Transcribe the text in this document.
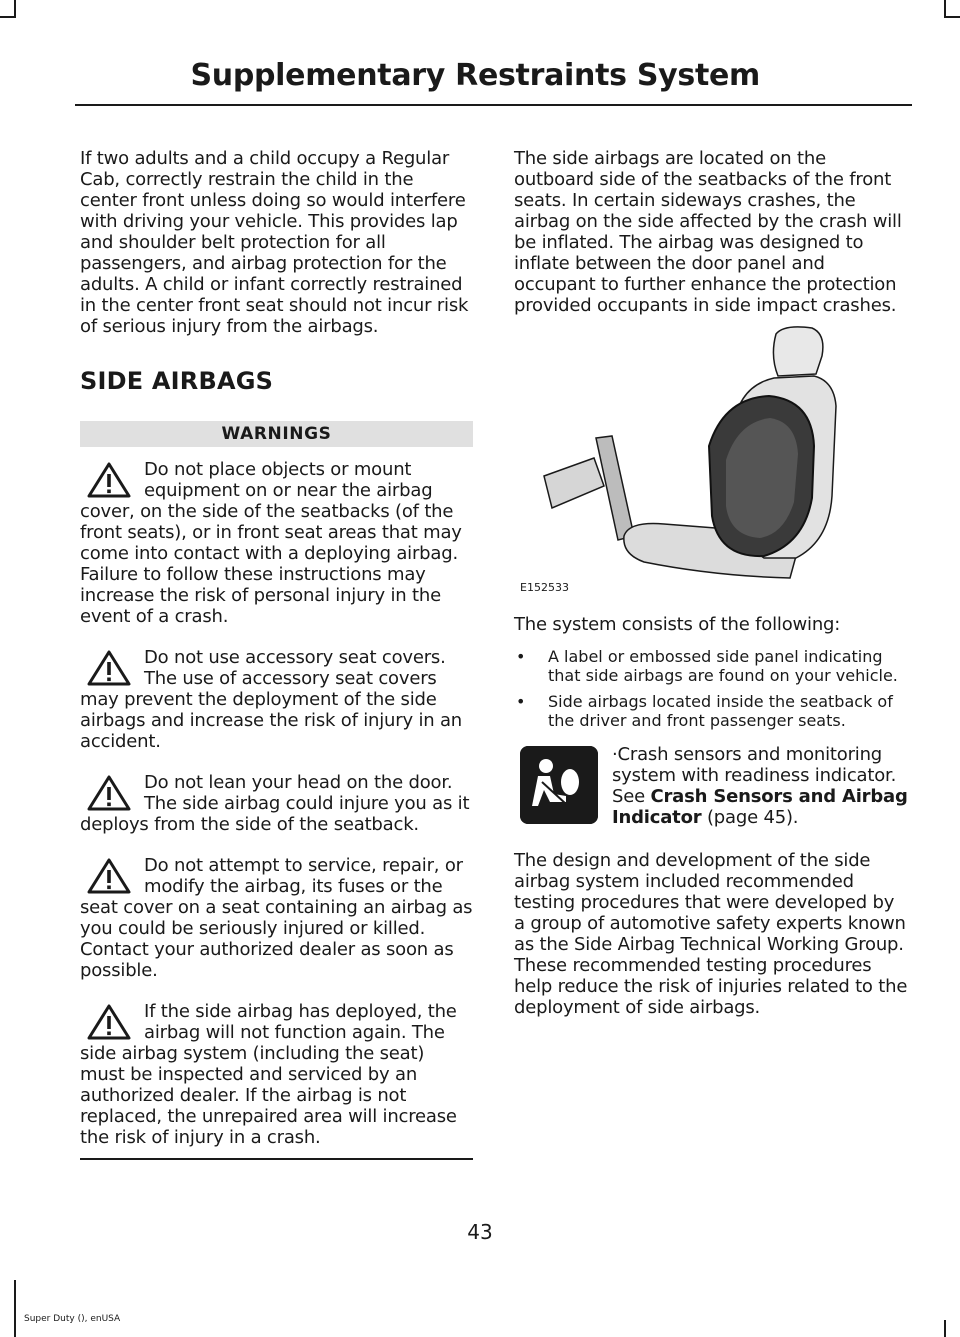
Supplementary Restraints System

If two adults and a child occupy a Regular Cab, correctly restrain the child in the center front unless doing so would interfere with driving your vehicle. This provides lap and shoulder belt protection for all passengers, and airbag protection for the adults. A child or infant correctly restrained in the center front seat should not incur risk of serious injury from the airbags.

SIDE AIRBAGS
WARNINGS

Do not place objects or mount equipment on or near the airbag cover, on the side of the seatbacks (of the front seats), or in front seat areas that may come into contact with a deploying airbag. Failure to follow these instructions may increase the risk of personal injury in the event of a crash.

Do not use accessory seat covers. The use of accessory seat covers may prevent the deployment of the side airbags and increase the risk of injury in an accident.

Do not lean your head on the door. The side airbag could injure you as it deploys from the side of the seatback.

Do not attempt to service, repair, or modify the airbag, its fuses or the seat cover on a seat containing an airbag as you could be seriously injured or killed. Contact your authorized dealer as soon as possible.

If the side airbag has deployed, the airbag will not function again. The side airbag system (including the seat) must be inspected and serviced by an authorized dealer. If the airbag is not replaced, the unrepaired area will increase the risk of injury in a crash.

The side airbags are located on the outboard side of the seatbacks of the front seats. In certain sideways crashes, the airbag on the side affected by the crash will be inflated. The airbag was designed to inflate between the door panel and occupant to further enhance the protection provided occupants in side impact crashes.

E152533

The system consists of the following:

• A label or embossed side panel indicating that side airbags are found on your vehicle.
• Side airbags located inside the seatback of the driver and front passenger seats.

·Crash sensors and monitoring system with readiness indicator. See Crash Sensors and Airbag Indicator (page 45).

The design and development of the side airbag system included recommended testing procedures that were developed by a group of automotive safety experts known as the Side Airbag Technical Working Group. These recommended testing procedures help reduce the risk of injuries related to the deployment of side airbags.

43
Super Duty (), enUSA
